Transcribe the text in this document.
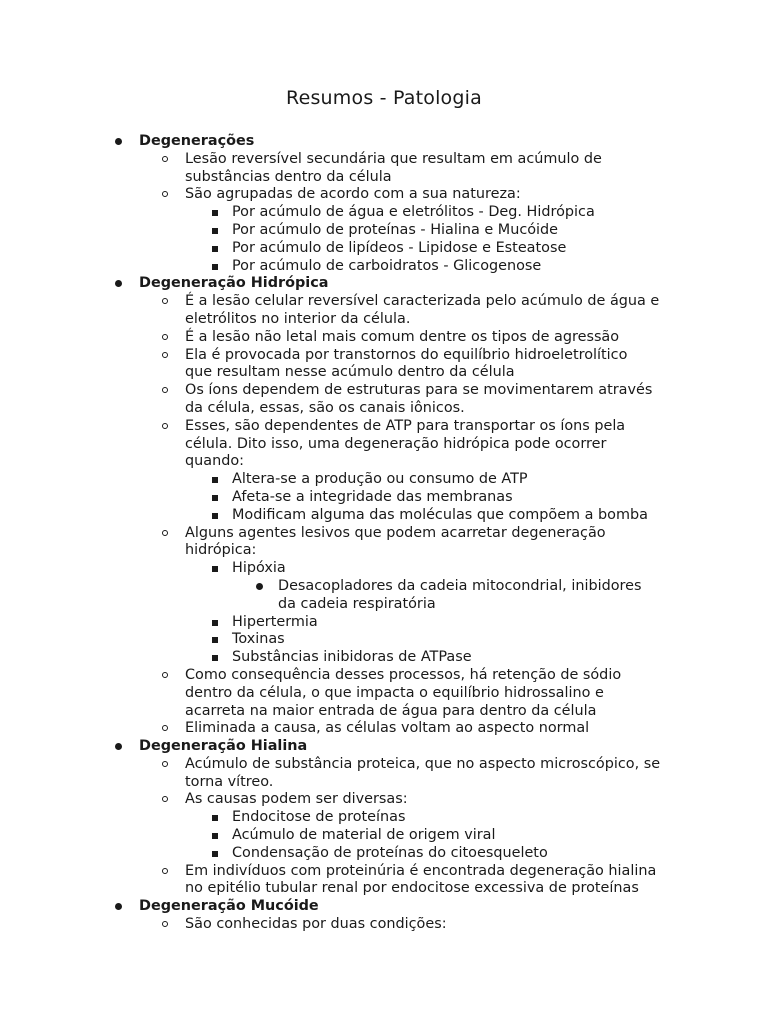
Resumos - Patologia
Degenerações
Lesão reversível secundária que resultam em acúmulo de
substâncias dentro da célula
São agrupadas de acordo com a sua natureza:
Por acúmulo de água e eletrólitos - Deg. Hidrópica
Por acúmulo de proteínas - Hialina e Mucóide
Por acúmulo de lipídeos - Lipidose e Esteatose
Por acúmulo de carboidratos - Glicogenose
Degeneração Hidrópica
É a lesão celular reversível caracterizada pelo acúmulo de água e
eletrólitos no interior da célula.
É a lesão não letal mais comum dentre os tipos de agressão
Ela é provocada por transtornos do equilíbrio hidroeletrolítico
que resultam nesse acúmulo dentro da célula
Os íons dependem de estruturas para se movimentarem através
da célula, essas, são os canais iônicos.
Esses, são dependentes de ATP para transportar os íons pela
célula. Dito isso, uma degeneração hidrópica pode ocorrer
quando:
Altera-se a produção ou consumo de ATP
Afeta-se a integridade das membranas
Modificam alguma das moléculas que compõem a bomba
Alguns agentes lesivos que podem acarretar degeneração
hidrópica:
Hipóxia
Desacopladores da cadeia mitocondrial, inibidores
da cadeia respiratória
Hipertermia
Toxinas
Substâncias inibidoras de ATPase
Como consequência desses processos, há retenção de sódio
dentro da célula, o que impacta o equilíbrio hidrossalino e
acarreta na maior entrada de água para dentro da célula
Eliminada a causa, as células voltam ao aspecto normal
Degeneração Hialina
Acúmulo de substância proteica, que no aspecto microscópico, se
torna vítreo.
As causas podem ser diversas:
Endocitose de proteínas
Acúmulo de material de origem viral
Condensação de proteínas do citoesqueleto
Em indivíduos com proteinúria é encontrada degeneração hialina
no epitélio tubular renal por endocitose excessiva de proteínas
Degeneração Mucóide
São conhecidas por duas condições:
